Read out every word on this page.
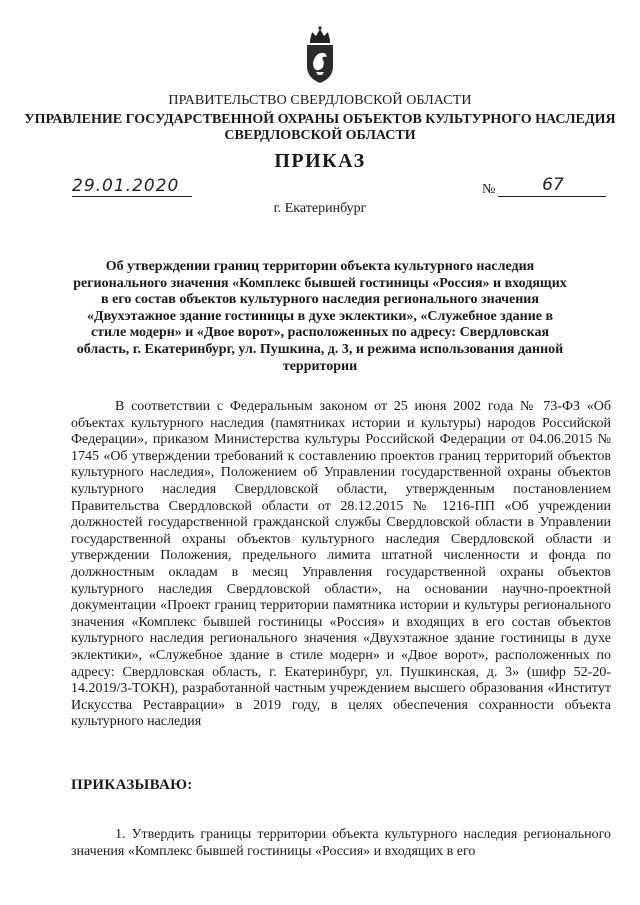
ПРАВИТЕЛЬСТВО СВЕРДЛОВСКОЙ ОБЛАСТИ
УПРАВЛЕНИЕ ГОСУДАРСТВЕННОЙ ОХРАНЫ ОБЪЕКТОВ КУЛЬТУРНОГО НАСЛЕДИЯ
СВЕРДЛОВСКОЙ ОБЛАСТИ
ПРИКАЗ
29.01.2020	№	67
г. Екатеринбург
Об утверждении границ территории объекта культурного наследия регионального значения «Комплекс бывшей гостиницы «Россия» и входящих в его состав объектов культурного наследия регионального значения «Двухэтажное здание гостиницы в духе эклектики», «Служебное здание в стиле модерн» и «Двое ворот», расположенных по адресу: Свердловская область, г. Екатеринбург, ул. Пушкина, д. 3, и режима использования данной территории

В соответствии с Федеральным законом от 25 июня 2002 года № 73-ФЗ «Об объектах культурного наследия (памятниках истории и культуры) народов Российской Федерации», приказом Министерства культуры Российской Федерации от 04.06.2015 № 1745 «Об утверждении требований к составлению проектов границ территорий объектов культурного наследия», Положением об Управлении государственной охраны объектов культурного наследия Свердловской области, утвержденным постановлением Правительства Свердловской области от 28.12.2015 № 1216-ПП «Об учреждении должностей государственной гражданской службы Свердловской области в Управлении государственной охраны объектов культурного наследия Свердловской области и утверждении Положения, предельного лимита штатной численности и фонда по должностным окладам в месяц Управления государственной охраны объектов культурного наследия Свердловской области», на основании научно-проектной документации «Проект границ территории памятника истории и культуры регионального значения «Комплекс бывшей гостиницы «Россия» и входящих в его состав объектов культурного наследия регионального значения «Двухэтажное здание гостиницы в духе эклектики», «Служебное здание в стиле модерн» и «Двое ворот», расположенных по адресу: Свердловская область, г. Екатеринбург, ул. Пушкинская, д. 3» (шифр 52-20-14.2019/3-ТОКН), разработанной частным учреждением высшего образования «Институт Искусства Реставрации» в 2019 году, в целях обеспечения сохранности объекта культурного наследия

ПРИКАЗЫВАЮ:

1. Утвердить границы территории объекта культурного наследия регионального значения «Комплекс бывшей гостиницы «Россия» и входящих в его
